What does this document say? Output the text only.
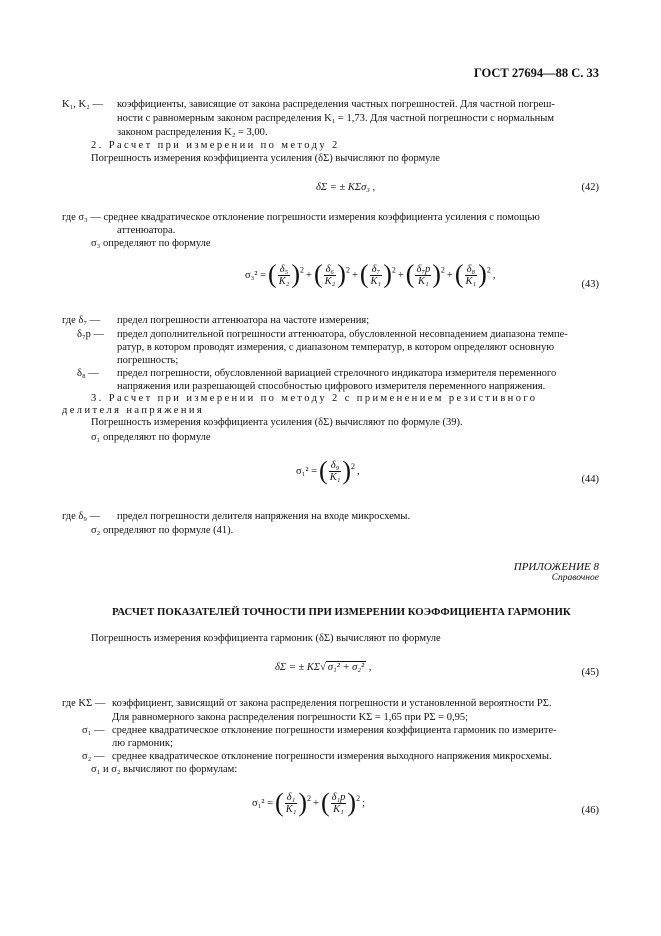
ГОСТ 27694—88 С. 33
K₁, K₂ — коэффициенты, зависящие от закона распределения частных погрешностей. Для частной погреш-
ности с равномерным законом распределения K₁ = 1,73. Для частной погрешности с нормальным
законом распределения K₂ = 3,00.
2. Расчет при измерении по методу 2
Погрешность измерения коэффициента усиления (δΣ) вычисляют по формуле
δΣ = ± KΣσ₃ ,	(42)
где σ₃ — среднее квадратическое отклонение погрешности измерения коэффициента усиления с помощью
аттенюатора.
σ₃ определяют по формуле
σ₃² =( $\frac{\text{δ₅}}{\text{K₂}} )^2$ +( $\frac{\text{δ₆}}{\text{K₂}} )^2$ +( $\frac{\text{δ₇}}{\text{K₁}} )^2$ +( $\frac{\text{δ₇р}}{\text{K₁}} )^2$ +( $\frac{\text{δ₈}}{\text{K₁}} )^2$ ,
(43)
где δ₇ — предел погрешности аттенюатора на частоте измерения;
δ₇р — предел дополнительной погрешности аттенюатора, обусловленной несовпадением диапазона темпе-
ратур, в котором проводят измерения, с диапазоном температур, в котором определяют основную
погрешность;
δ₈ — предел погрешности, обусловленной вариацией стрелочного индикатора измерителя переменного
напряжения или разрешающей способностью цифрового измерителя переменного напряжения.
3. Расчет при измерении по методу 2 с применением резистивного
делителя напряжения
Погрешность измерения коэффициента усиления (δΣ) вычисляют по формуле (39).
σ₁ определяют по формуле
σ₁² =( $\frac{\text{δ₉}}{\text{K₁}} )^2$ ,
(44)
где δ₉ — предел погрешности делителя напряжения на входе микросхемы.
σ₂ определяют по формуле (41).
ПРИЛОЖЕНИЕ 8
Справочное
РАСЧЕТ ПОКАЗАТЕЛЕЙ ТОЧНОСТИ ПРИ ИЗМЕРЕНИИ КОЭФФИЦИЕНТА ГАРМОНИК
Погрешность измерения коэффициента гармоник (δΣ) вычисляют по формуле
δΣ = ± KΣ√ σ₁² + σ₂² ,	(45)
где KΣ — коэффициент, зависящий от закона распределения погрешности и установленной вероятности PΣ.
Для равномерного закона распределения погрешности KΣ = 1,65 при PΣ = 0,95;
σ₁ — среднее квадратическое отклонение погрешности измерения коэффициента гармоник по измерите-
лю гармоник;
σ₂ — среднее квадратическое отклонение погрешности измерения выходного напряжения микросхемы.
σ₁ и σ₂ вычисляют по формулам:
σ₁² =( $\frac{\text{δ₁}}{\text{K₁}} )^2$ +( $\frac{\text{δ₁р}}{\text{K₁}} )^2$ ;
(46)
